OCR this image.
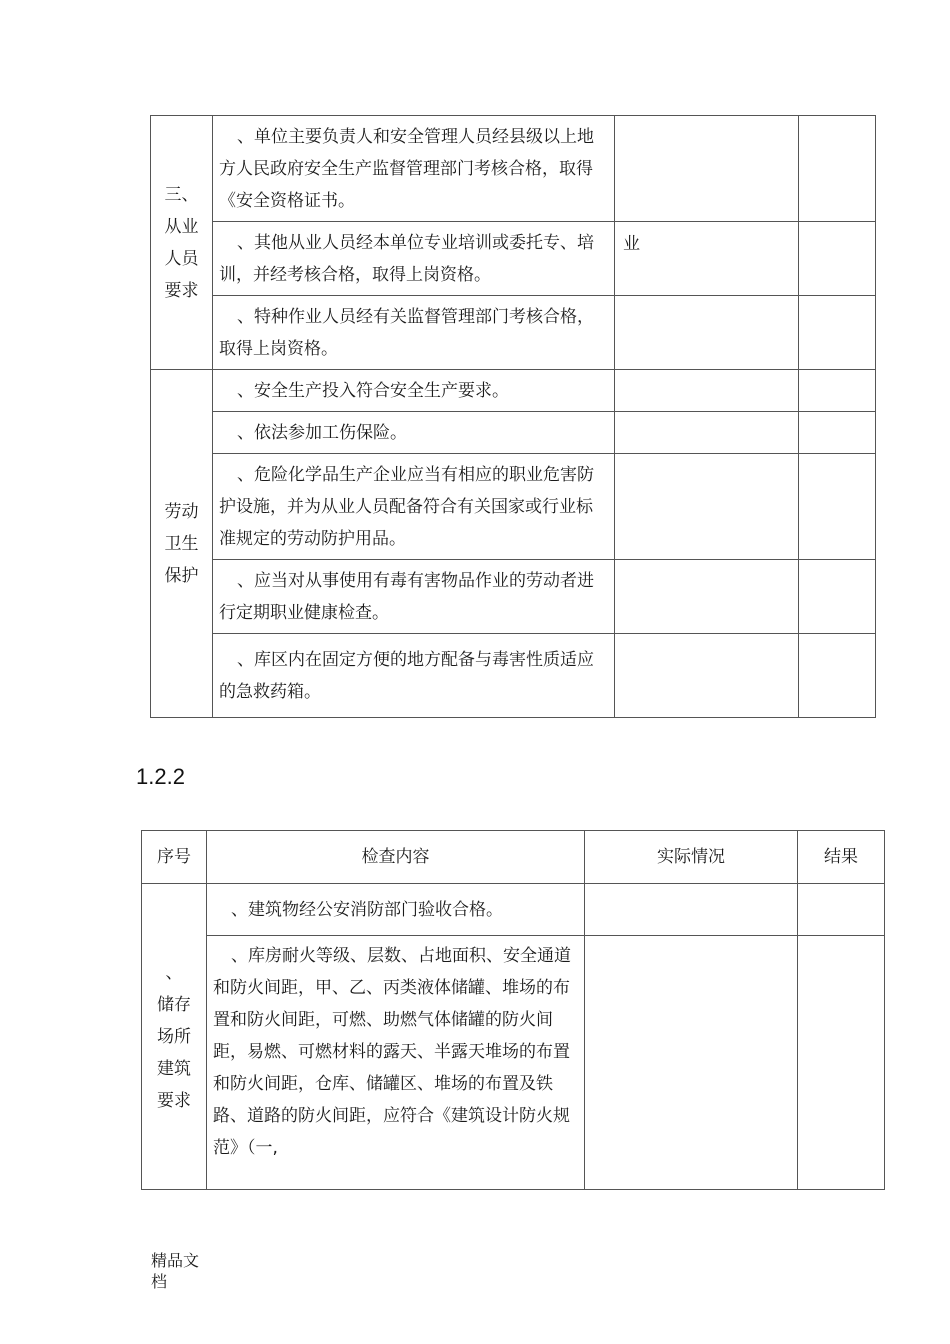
三、
从业
人员
要求	、单位主要负责人和安全管理人员经县级以上地方人民政府安全生产监督管理部门考核合格，取得《安全资格证书。		

	、其他从业人员经本单位专业培训或委托专、培训，并经考核合格，取得上岗资格。	业	

	、特种作业人员经有关监督管理部门考核合格，取得上岗资格。		

劳动
卫生
保护	、安全生产投入符合安全生产要求。		

	、依法参加工伤保险。		

	、危险化学品生产企业应当有相应的职业危害防护设施，并为从业人员配备符合有关国家或行业标准规定的劳动防护用品。		

	、应当对从事使用有毒有害物品作业的劳动者进行定期职业健康检查。		

	、库区内在固定方便的地方配备与毒害性质适应的急救药箱。		

1.2.2
序号	检查内容	实际情况	结果

、
储存
场所
建筑
要求	、建筑物经公安消防部门验收合格。		

	、库房耐火等级、层数、占地面积、安全通道和防火间距，甲、乙、丙类液体储罐、堆场的布置和防火间距，可燃、助燃气体储罐的防火间距，易燃、可燃材料的露天、半露天堆场的布置和防火间距，仓库、储罐区、堆场的布置及铁路、道路的防火间距，应符合《建筑设计防火规范》（一,		

精品文档
